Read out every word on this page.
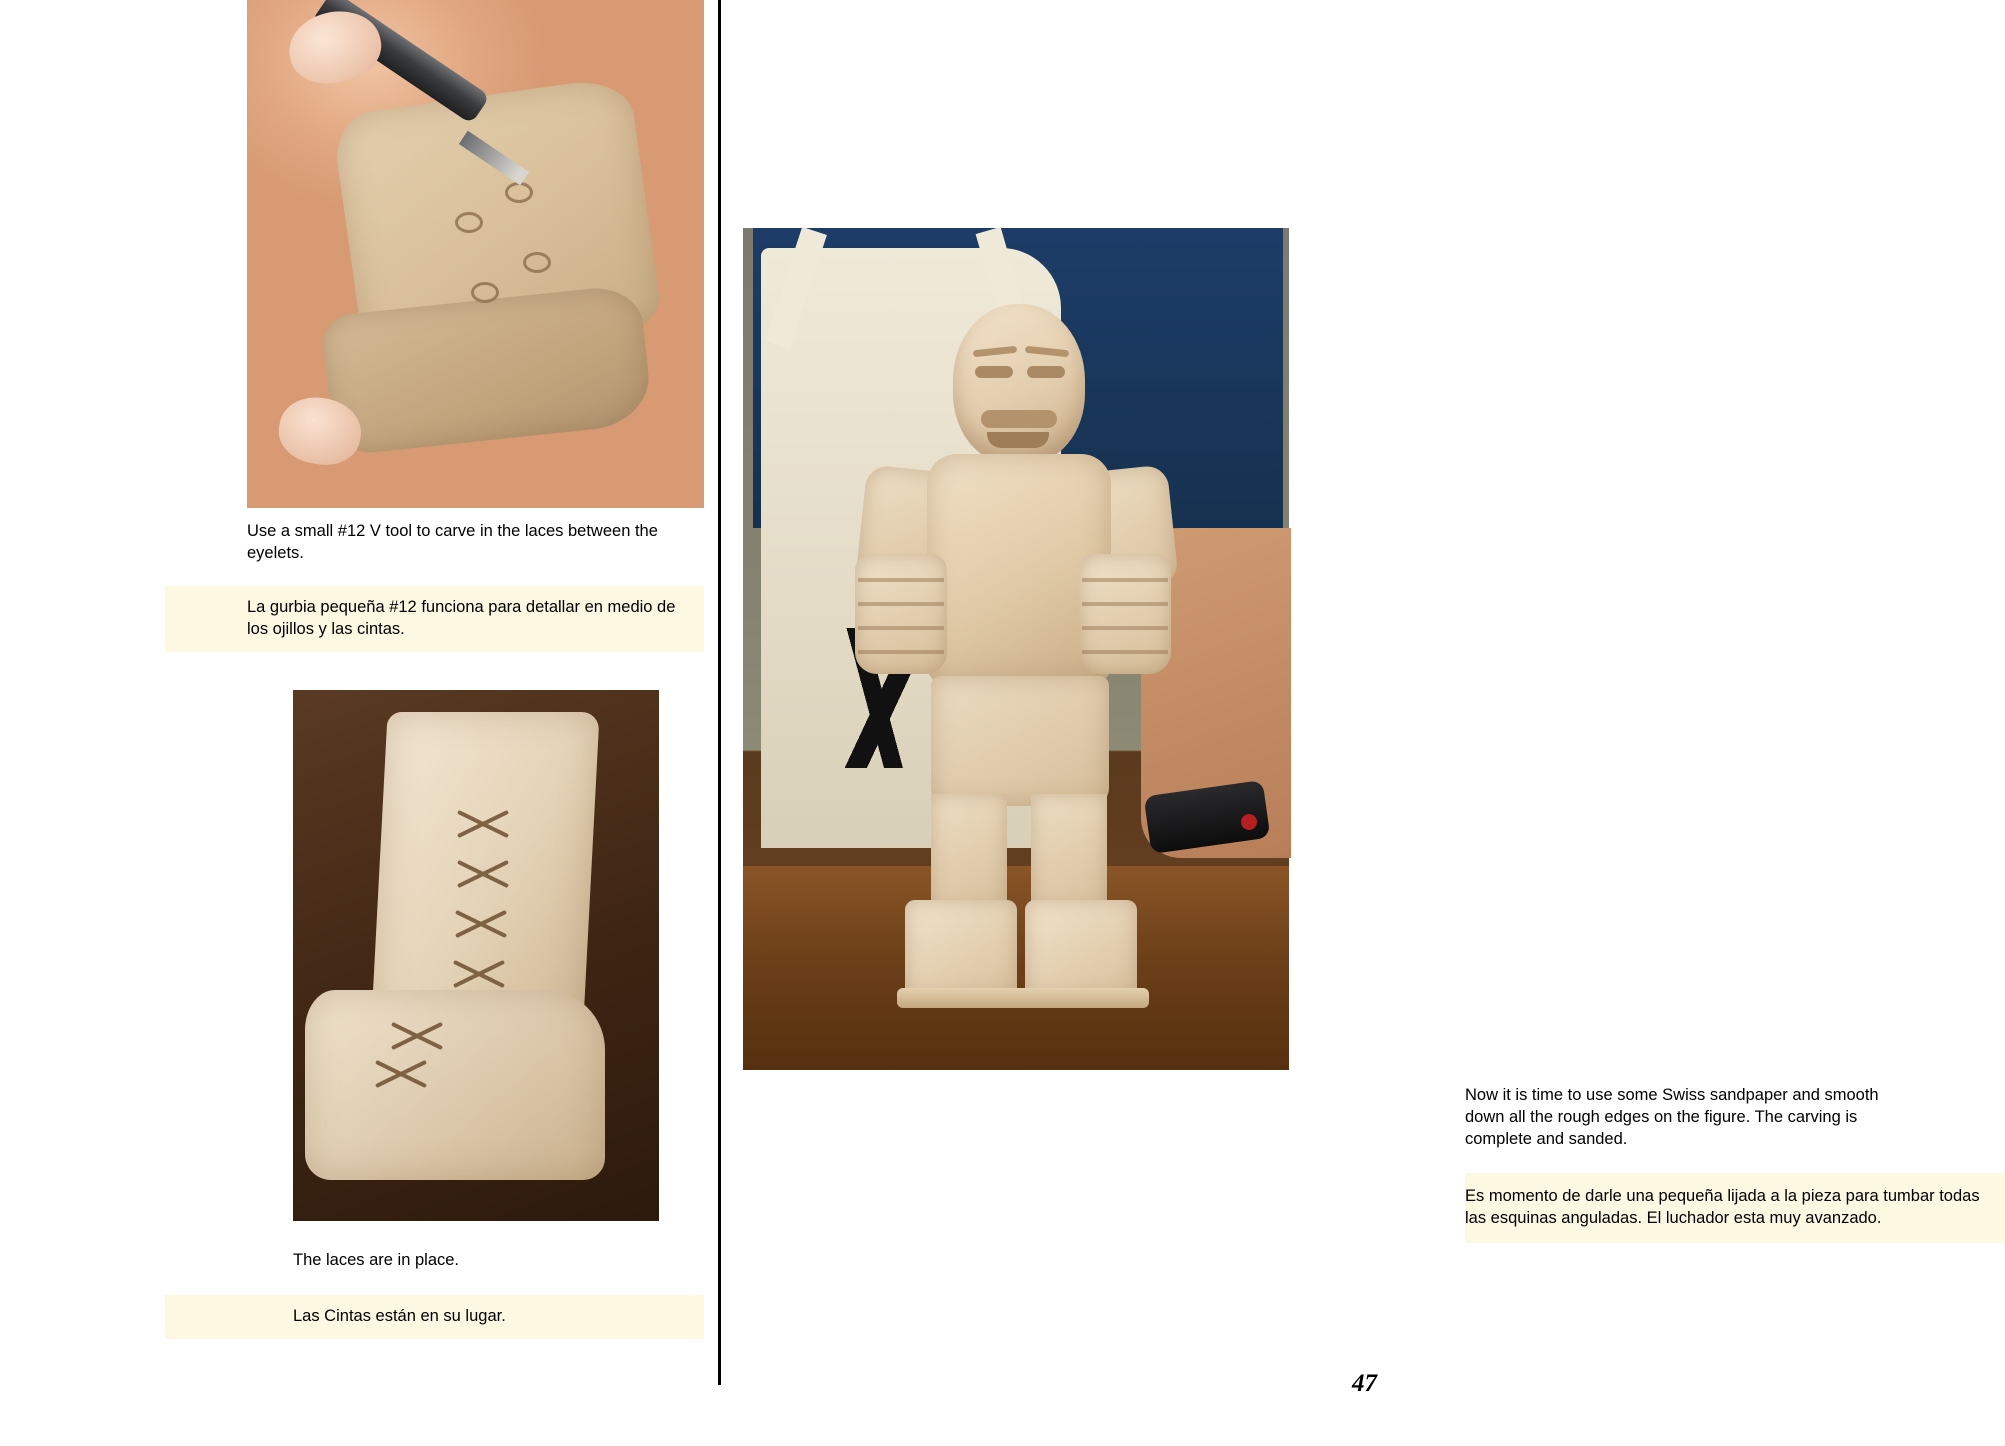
Use a small #12 V tool to carve in the laces between the eyelets.
La gurbia pequeña #12 funciona para detallar en medio de los ojillos y las cintas.
The laces are in place.
Las Cintas están en su lugar.
Now it is time to use some Swiss sandpaper and smooth down all the rough edges on the figure. The carving is complete and sanded.
Es momento de darle una pequeña lijada a la pieza para tumbar todas las esquinas anguladas. El luchador esta muy avanzado.
47
